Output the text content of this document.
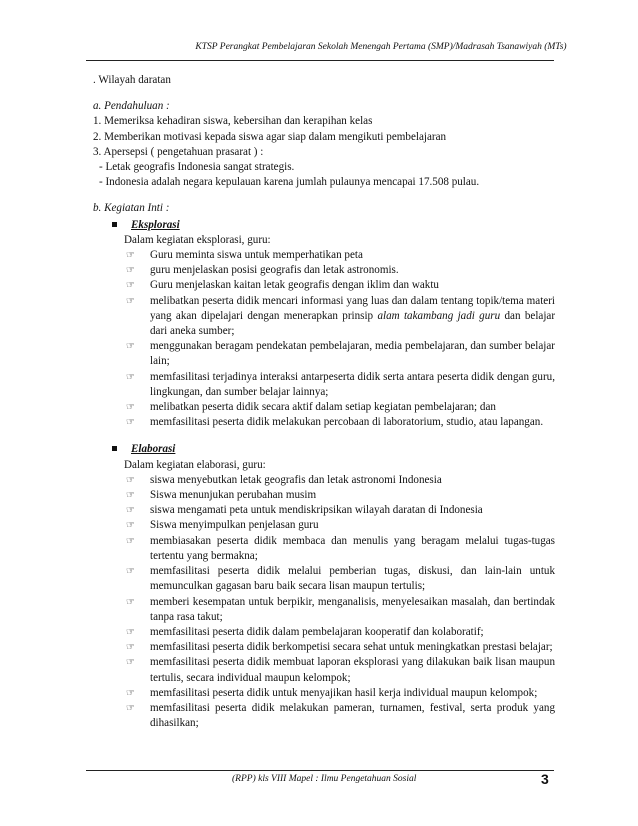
KTSP Perangkat Pembelajaran Sekolah Menengah Pertama (SMP)/Madrasah Tsanawiyah (MTs)
. Wilayah daratan
a. Pendahuluan :
1. Memeriksa kehadiran siswa, kebersihan dan kerapihan kelas
2. Memberikan motivasi kepada siswa agar siap dalam mengikuti pembelajaran
3. Apersepsi ( pengetahuan prasarat ) :
- Letak geografis Indonesia sangat strategis.
- Indonesia adalah negara kepulauan karena jumlah pulaunya mencapai 17.508 pulau.
b. Kegiatan Inti :
Eksplorasi
Dalam kegiatan eksplorasi, guru:
☞ Guru meminta siswa untuk memperhatikan peta
☞ guru menjelaskan posisi geografis dan letak astronomis.
☞ Guru menjelaskan kaitan letak geografis dengan iklim dan waktu
☞ melibatkan peserta didik mencari informasi yang luas dan dalam tentang topik/tema materi yang akan dipelajari dengan menerapkan prinsip alam takambang jadi guru dan belajar dari aneka sumber;
☞ menggunakan beragam pendekatan pembelajaran, media pembelajaran, dan sumber belajar lain;
☞ memfasilitasi terjadinya interaksi antarpeserta didik serta antara peserta didik dengan guru, lingkungan, dan sumber belajar lainnya;
☞ melibatkan peserta didik secara aktif dalam setiap kegiatan pembelajaran; dan
☞ memfasilitasi peserta didik melakukan percobaan di laboratorium, studio, atau lapangan.
Elaborasi
Dalam kegiatan elaborasi, guru:
☞ siswa menyebutkan letak geografis dan letak astronomi Indonesia
☞ Siswa menunjukan perubahan musim
☞ siswa mengamati peta untuk mendiskripsikan wilayah daratan di Indonesia
☞ Siswa menyimpulkan penjelasan guru
☞ membiasakan peserta didik membaca dan menulis yang beragam melalui tugas-tugas tertentu yang bermakna;
☞ memfasilitasi peserta didik melalui pemberian tugas, diskusi, dan lain-lain untuk memunculkan gagasan baru baik secara lisan maupun tertulis;
☞ memberi kesempatan untuk berpikir, menganalisis, menyelesaikan masalah, dan bertindak tanpa rasa takut;
☞ memfasilitasi peserta didik dalam pembelajaran kooperatif dan kolaboratif;
☞ memfasilitasi peserta didik berkompetisi secara sehat untuk meningkatkan prestasi belajar;
☞ memfasilitasi peserta didik membuat laporan eksplorasi yang dilakukan baik lisan maupun tertulis, secara individual maupun kelompok;
☞ memfasilitasi peserta didik untuk menyajikan hasil kerja individual maupun kelompok;
☞ memfasilitasi peserta didik melakukan pameran, turnamen, festival, serta produk yang dihasilkan;
(RPP) kls VIII Mapel : Ilmu Pengetahuan Sosial	3
